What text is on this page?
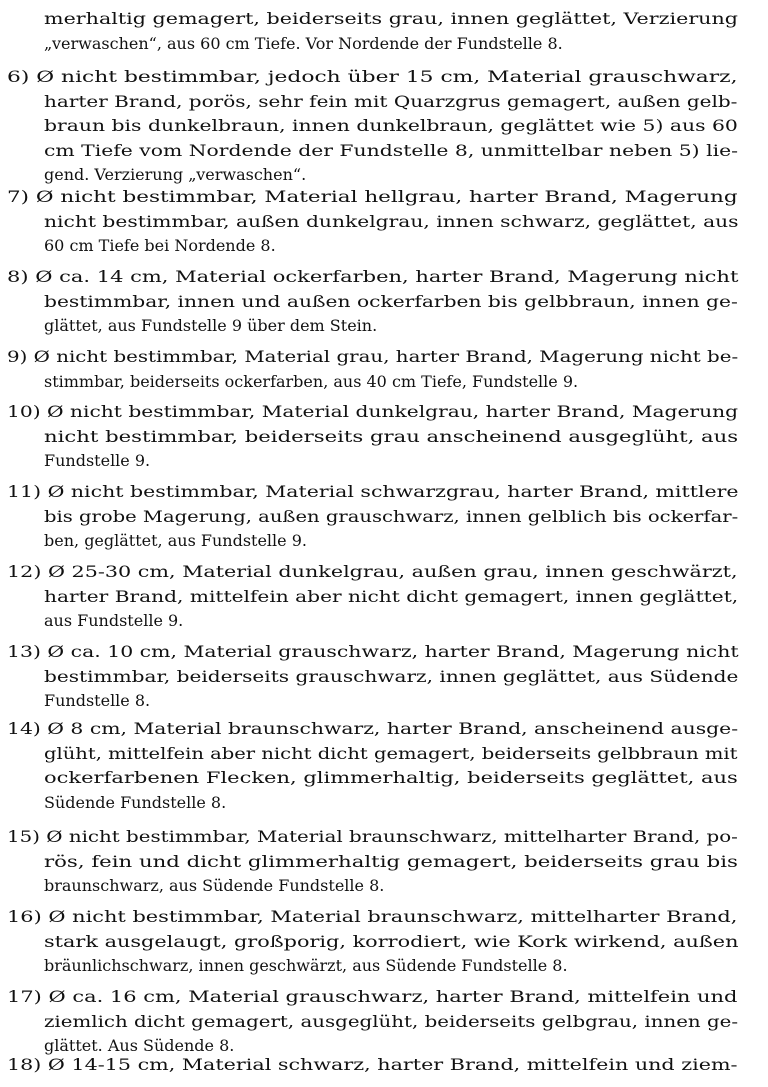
merhaltig gemagert, beiderseits grau, innen geglättet, Verzierung
„verwaschen“, aus 60 cm Tiefe. Vor Nordende der Fundstelle 8.
6) Ø nicht bestimmbar, jedoch über 15 cm, Material grauschwarz,
harter Brand, porös, sehr fein mit Quarzgrus gemagert, außen gelb-
braun bis dunkelbraun, innen dunkelbraun, geglättet wie 5) aus 60
cm Tiefe vom Nordende der Fundstelle 8, unmittelbar neben 5) lie-
gend. Verzierung „verwaschen“.
7) Ø nicht bestimmbar, Material hellgrau, harter Brand, Magerung
nicht bestimmbar, außen dunkelgrau, innen schwarz, geglättet, aus
60 cm Tiefe bei Nordende 8.
8) Ø ca. 14 cm, Material ockerfarben, harter Brand, Magerung nicht
bestimmbar, innen und außen ockerfarben bis gelbbraun, innen ge-
glättet, aus Fundstelle 9 über dem Stein.
9) Ø nicht bestimmbar, Material grau, harter Brand, Magerung nicht be-
stimmbar, beiderseits ockerfarben, aus 40 cm Tiefe, Fundstelle 9.
10) Ø nicht bestimmbar, Material dunkelgrau, harter Brand, Magerung
nicht bestimmbar, beiderseits grau anscheinend ausgeglüht, aus
Fundstelle 9.
11) Ø nicht bestimmbar, Material schwarzgrau, harter Brand, mittlere
bis grobe Magerung, außen grauschwarz, innen gelblich bis ockerfar-
ben, geglättet, aus Fundstelle 9.
12) Ø 25-30 cm, Material dunkelgrau, außen grau, innen geschwärzt,
harter Brand, mittelfein aber nicht dicht gemagert, innen geglättet,
aus Fundstelle 9.
13) Ø ca. 10 cm, Material grauschwarz, harter Brand, Magerung nicht
bestimmbar, beiderseits grauschwarz, innen geglättet, aus Südende
Fundstelle 8.
14) Ø 8 cm, Material braunschwarz, harter Brand, anscheinend ausge-
glüht, mittelfein aber nicht dicht gemagert, beiderseits gelbbraun mit
ockerfarbenen Flecken, glimmerhaltig, beiderseits geglättet, aus
Südende Fundstelle 8.
15) Ø nicht bestimmbar, Material braunschwarz, mittelharter Brand, po-
rös, fein und dicht glimmerhaltig gemagert, beiderseits grau bis
braunschwarz, aus Südende Fundstelle 8.
16) Ø nicht bestimmbar, Material braunschwarz, mittelharter Brand,
stark ausgelaugt, großporig, korrodiert, wie Kork wirkend, außen
bräunlichschwarz, innen geschwärzt, aus Südende Fundstelle 8.
17) Ø ca. 16 cm, Material grauschwarz, harter Brand, mittelfein und
ziemlich dicht gemagert, ausgeglüht, beiderseits gelbgrau, innen ge-
glättet. Aus Südende 8.
18) Ø 14-15 cm, Material schwarz, harter Brand, mittelfein und ziem-
